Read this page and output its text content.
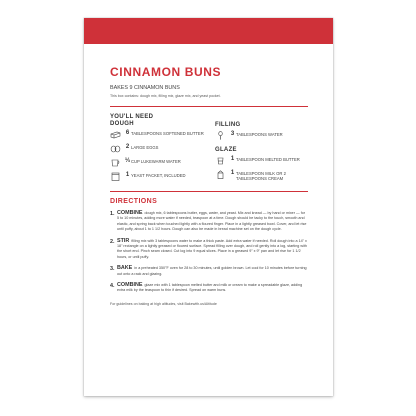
CINNAMON BUNS
BAKES 9 CINNAMON BUNS
This box contains: dough mix, filling mix, glaze mix, and yeast pocket.
YOU'LL NEED
DOUGH
6 TABLESPOONS SOFTENED BUTTER
2 LARGE EGGS
⅓ CUP LUKEWARM WATER
1 YEAST PACKET, INCLUDED
FILLING
3 TABLESPOONS WATER
GLAZE
1 TABLESPOON MELTED BUTTER
1 TABLESPOON MILK OR 2 TABLESPOONS CREAM
DIRECTIONS
1. COMBINE dough mix, 6 tablespoons butter, eggs, water, and yeast. Mix and knead — by hand or mixer — for 5 to 10 minutes, adding more water if needed, teaspoon at a time. Dough should be tacky to the touch, smooth and elastic, and spring back when touched lightly with a floured finger. Place in a lightly greased bowl. Cover, and let rise until puffy, about 1 to 1 1/2 hours. Dough can also be made in bread machine set on the dough cycle.
2. STIR filling mix with 3 tablespoons water to make a thick paste. Add extra water if needed. Roll dough into a 14" x 18" rectangle on a lightly greased or floured surface. Spread filling over dough, and roll gently into a log, starting with the short end. Pinch seam closed. Cut log into 9 equal slices. Place in a greased 9" x 9" pan and let rise for 1 1/2 hours, or until puffy.
3. BAKE in a preheated 350°F oven for 28 to 30 minutes, until golden brown. Let cool for 10 minutes before turning out onto a rack and glazing.
4. COMBINE glaze mix with 1 tablespoon melted butter and milk or cream to make a spreadable glaze, adding extra milk by the teaspoon to thin if desired. Spread on warm buns.
For guidelines on baking at high altitudes, visit Bakewith.us/Altitude
